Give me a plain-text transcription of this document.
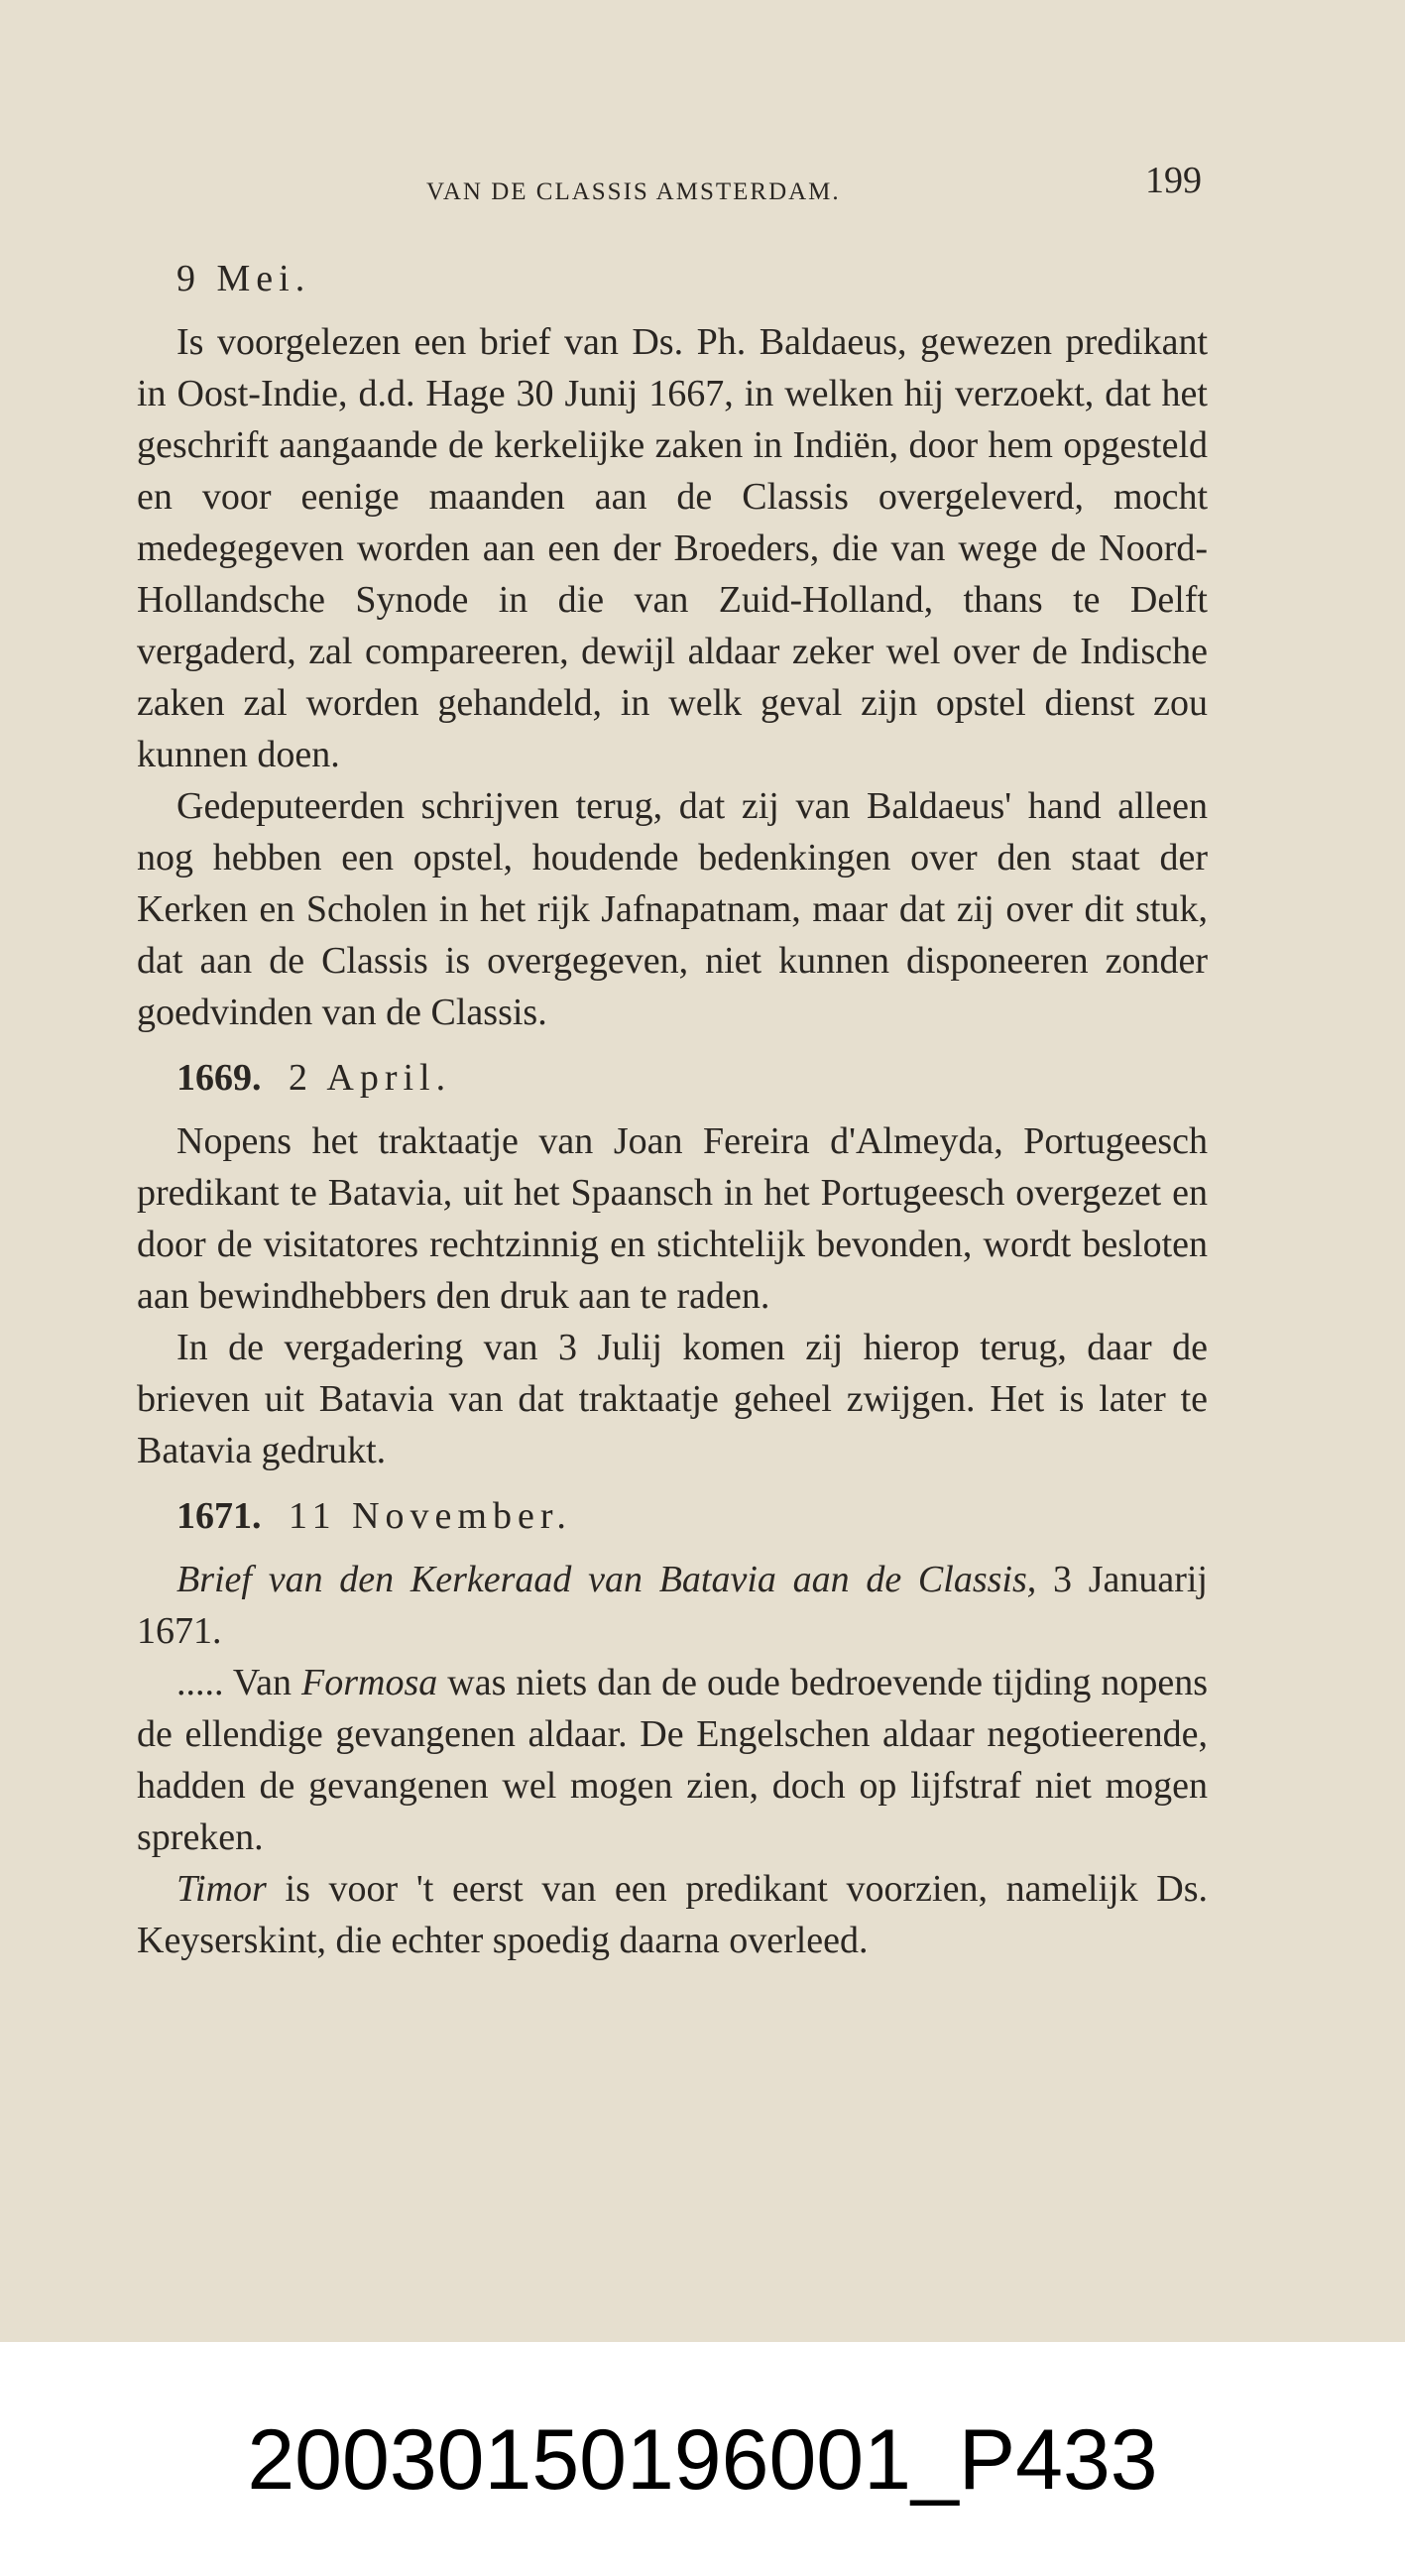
VAN DE CLASSIS AMSTERDAM.	199
9 Mei.

Is voorgelezen een brief van Ds. Ph. Baldaeus, gewezen predikant in Oost-Indie, d.d. Hage 30 Junij 1667, in welken hij verzoekt, dat het geschrift aangaande de kerkelijke zaken in Indiën, door hem opgesteld en voor eenige maanden aan de Classis overgeleverd, mocht medegegeven worden aan een der Broeders, die van wege de Noord-Hollandsche Synode in die van Zuid-Holland, thans te Delft vergaderd, zal compareeren, dewijl aldaar zeker wel over de Indische zaken zal worden gehandeld, in welk geval zijn opstel dienst zou kunnen doen.

Gedeputeerden schrijven terug, dat zij van Baldaeus' hand alleen nog hebben een opstel, houdende bedenkingen over den staat der Kerken en Scholen in het rijk Jafnapatnam, maar dat zij over dit stuk, dat aan de Classis is overgegeven, niet kunnen disponeeren zonder goedvinden van de Classis.

1669. 2 April.

Nopens het traktaatje van Joan Fereira d'Almeyda, Portugeesch predikant te Batavia, uit het Spaansch in het Portugeesch overgezet en door de visitatores rechtzinnig en stichtelijk bevonden, wordt besloten aan bewindhebbers den druk aan te raden.

In de vergadering van 3 Julij komen zij hierop terug, daar de brieven uit Batavia van dat traktaatje geheel zwijgen. Het is later te Batavia gedrukt.

1671. 11 November.

Brief van den Kerkeraad van Batavia aan de Classis, 3 Januarij 1671.

..... Van Formosa was niets dan de oude bedroevende tijding nopens de ellendige gevangenen aldaar. De Engelschen aldaar negotieerende, hadden de gevangenen wel mogen zien, doch op lijfstraf niet mogen spreken.

Timor is voor 't eerst van een predikant voorzien, namelijk Ds. Keyserskint, die echter spoedig daarna overleed.

20030150196001_P433
